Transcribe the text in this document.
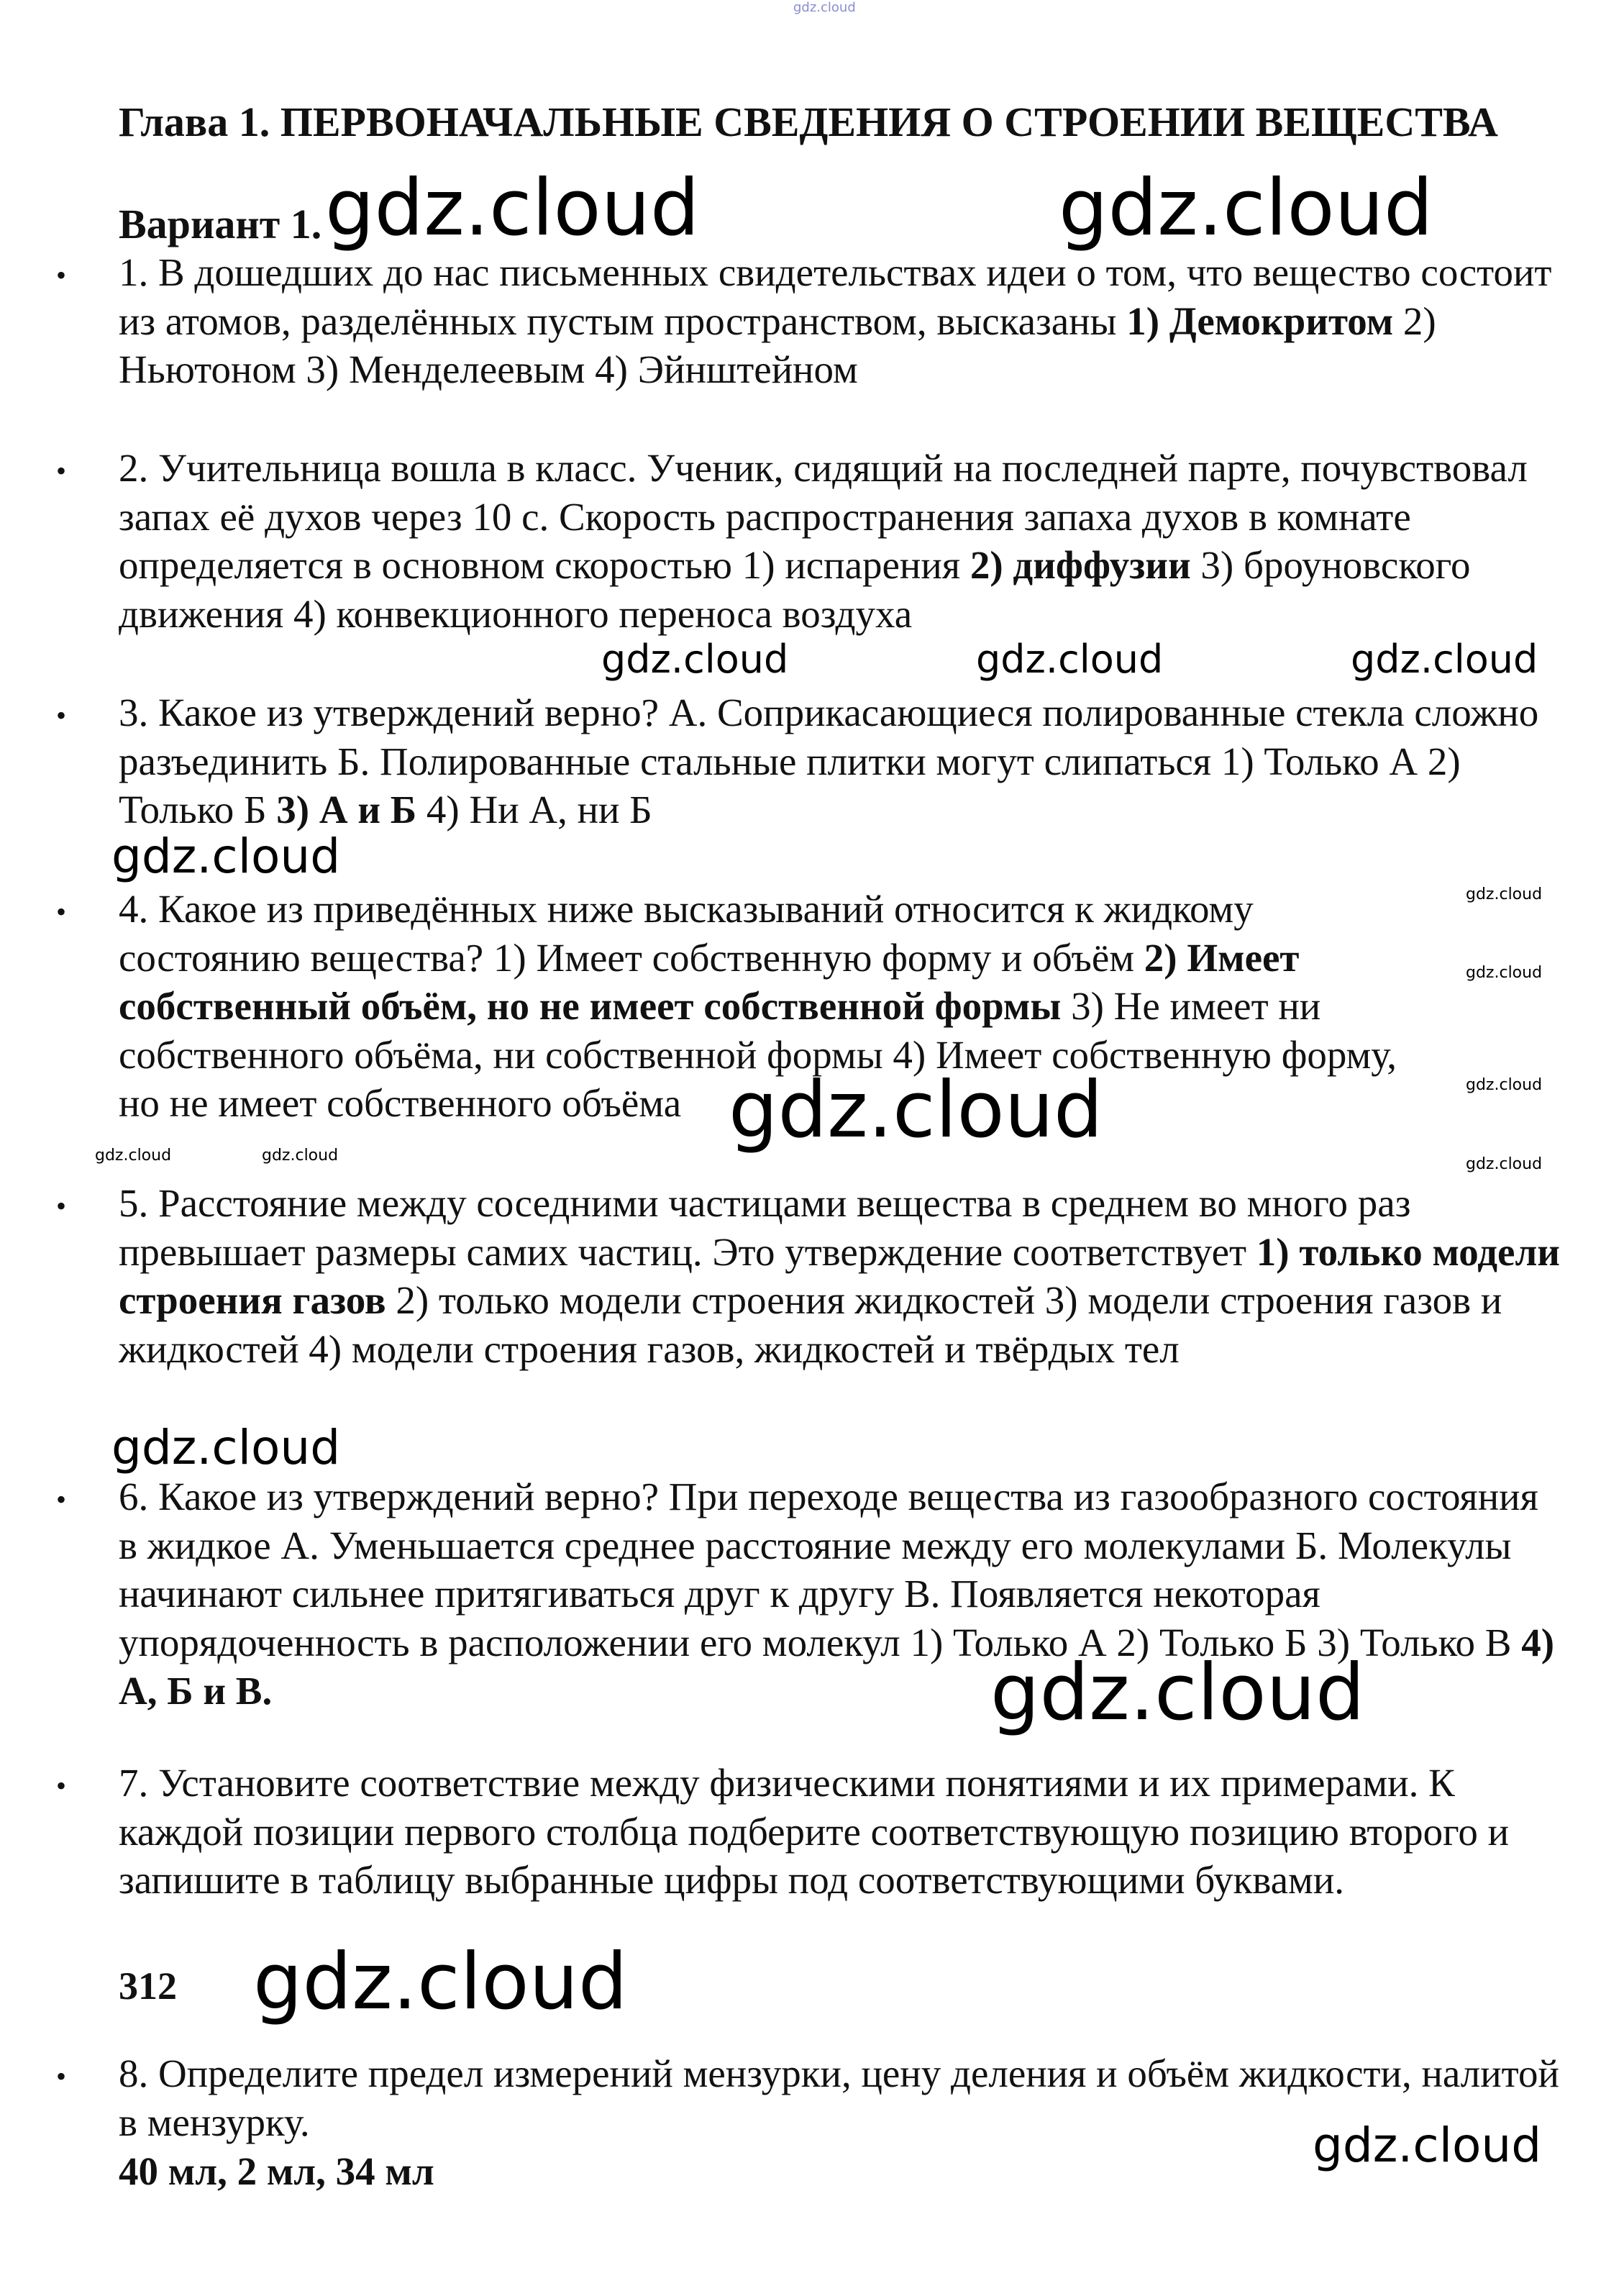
gdz.cloud
Глава 1. ПЕРВОНАЧАЛЬНЫЕ СВЕДЕНИЯ О СТРОЕНИИ ВЕЩЕСТВА
Вариант 1.
• 1. В дошедших до нас письменных свидетельствах идеи о том, что вещество состоит из атомов, разделённых пустым пространством, высказаны 1) Демокритом 2) Ньютоном 3) Менделеевым 4) Эйнштейном
• 2. Учительница вошла в класс. Ученик, сидящий на последней парте, почувствовал запах её духов через 10 с. Скорость распространения запаха духов в комнате определяется в основном скоростью 1) испарения 2) диффузии 3) броуновского движения 4) конвекционного переноса воздуха
• 3. Какое из утверждений верно? А. Соприкасающиеся полированные стекла сложно разъединить Б. Полированные стальные плитки могут слипаться 1) Только А 2) Только Б 3) А и Б 4) Ни А, ни Б
• 4. Какое из приведённых ниже высказываний относится к жидкому состоянию вещества? 1) Имеет собственную форму и объём 2) Имеет собственный объём, но не имеет собственной формы 3) Не имеет ни собственного объёма, ни собственной формы 4) Имеет собственную форму, но не имеет собственного объёма
• 5. Расстояние между соседними частицами вещества в среднем во много раз превышает размеры самих частиц. Это утверждение соответствует 1) только модели строения газов 2) только модели строения жидкостей 3) модели строения газов и жидкостей 4) модели строения газов, жидкостей и твёрдых тел
• 6. Какое из утверждений верно? При переходе вещества из газообразного состояния в жидкое А. Уменьшается среднее расстояние между его молекулами Б. Молекулы начинают сильнее притягиваться друг к другу В. Появляется некоторая упорядоченность в расположении его молекул 1) Только А 2) Только Б 3) Только В 4) А, Б и В.
• 7. Установите соответствие между физическими понятиями и их примерами. К каждой позиции первого столбца подберите соответствующую позицию второго и запишите в таблицу выбранные цифры под соответствующими буквами.
312
• 8. Определите предел измерений мензурки, цену деления и объём жидкости, налитой в мензурку.
40 мл, 2 мл, 34 мл
gdz.cloud	gdz.cloud
gdz.cloud	gdz.cloud	gdz.cloud
gdz.cloud
gdz.cloud
gdz.cloud
gdz.cloud
gdz.cloud
gdz.cloud
gdz.cloud	gdz.cloud
gdz.cloud
gdz.cloud
gdz.cloud
gdz.cloud
